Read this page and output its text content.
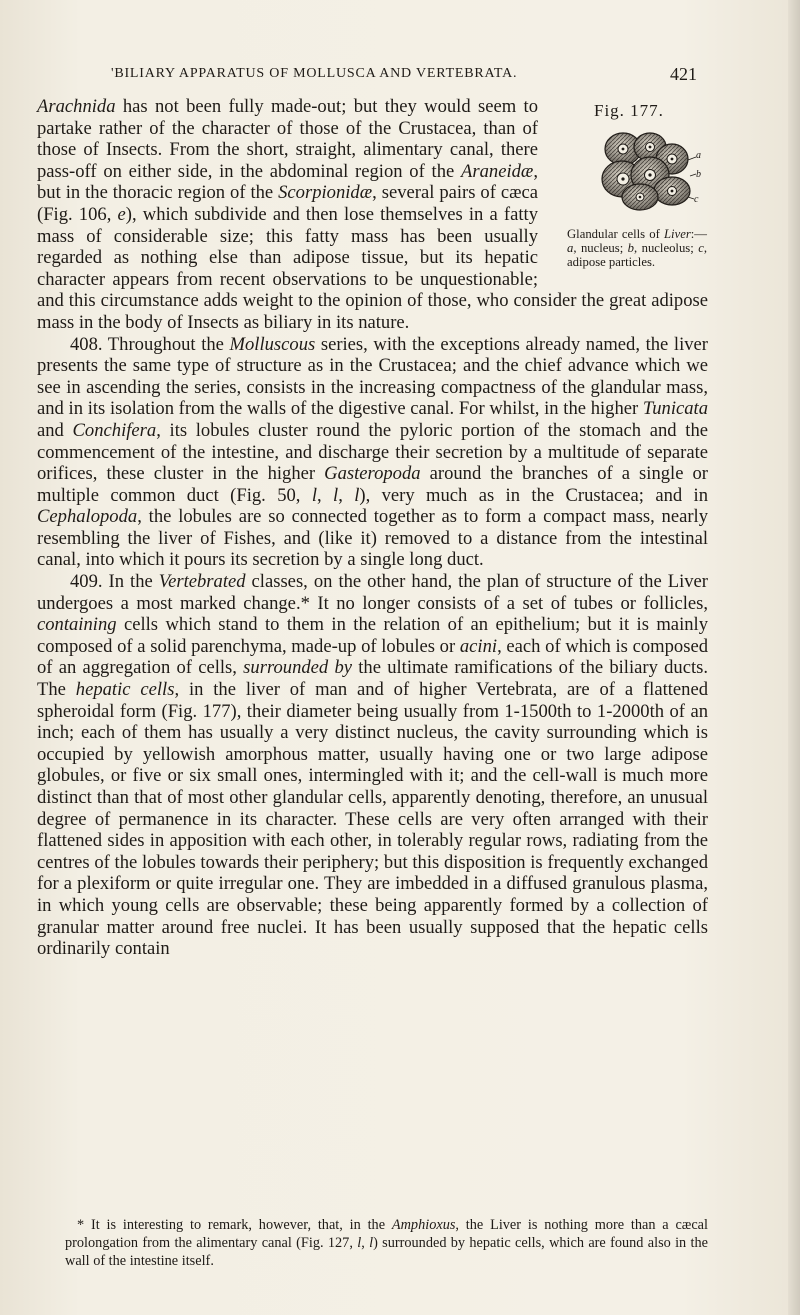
'BILIARY APPARATUS OF MOLLUSCA AND VERTEBRATA.	421
Fig. 177.
a
b
c
Glandular cells of Liver:—a, nucleus; b, nucleolus; c, adipose particles.

Arachnida has not been fully made-out; but they would seem to partake rather of the character of those of the Crustacea, than of those of Insects. From the short, straight, alimentary canal, there pass-off on either side, in the abdominal region of the Araneidæ, but in the thoracic region of the Scorpionidæ, several pairs of cæca (Fig. 106, e), which subdivide and then lose themselves in a fatty mass of considerable size; this fatty mass has been usually regarded as nothing else than adipose tissue, but its hepatic character appears from recent observations to be unquestionable; and this circumstance adds weight to the opinion of those, who consider the great adipose mass in the body of Insects as biliary in its nature.

408. Throughout the Molluscous series, with the exceptions already named, the liver presents the same type of structure as in the Crustacea; and the chief advance which we see in ascending the series, consists in the increasing compactness of the glandular mass, and in its isolation from the walls of the digestive canal. For whilst, in the higher Tunicata and Conchifera, its lobules cluster round the pyloric portion of the stomach and the commencement of the intestine, and discharge their secretion by a multitude of separate orifices, these cluster in the higher Gasteropoda around the branches of a single or multiple common duct (Fig. 50, l, l, l), very much as in the Crustacea; and in Cephalopoda, the lobules are so connected together as to form a compact mass, nearly resembling the liver of Fishes, and (like it) removed to a distance from the intestinal canal, into which it pours its secretion by a single long duct.

409. In the Vertebrated classes, on the other hand, the plan of structure of the Liver undergoes a most marked change.* It no longer consists of a set of tubes or follicles, containing cells which stand to them in the relation of an epithelium; but it is mainly composed of a solid parenchyma, made-up of lobules or acini, each of which is composed of an aggregation of cells, surrounded by the ultimate ramifications of the biliary ducts. The hepatic cells, in the liver of man and of higher Vertebrata, are of a flattened spheroidal form (Fig. 177), their diameter being usually from 1-1500th to 1-2000th of an inch; each of them has usually a very distinct nucleus, the cavity surrounding which is occupied by yellowish amorphous matter, usually having one or two large adipose globules, or five or six small ones, intermingled with it; and the cell-wall is much more distinct than that of most other glandular cells, apparently denoting, therefore, an unusual degree of permanence in its character. These cells are very often arranged with their flattened sides in apposition with each other, in tolerably regular rows, radiating from the centres of the lobules towards their periphery; but this disposition is frequently exchanged for a plexiform or quite irregular one. They are imbedded in a diffused granulous plasma, in which young cells are observable; these being apparently formed by a collection of granular matter around free nuclei. It has been usually supposed that the hepatic cells ordinarily contain

* It is interesting to remark, however, that, in the Amphioxus, the Liver is nothing more than a cæcal prolongation from the alimentary canal (Fig. 127, l, l) surrounded by hepatic cells, which are found also in the wall of the intestine itself.
